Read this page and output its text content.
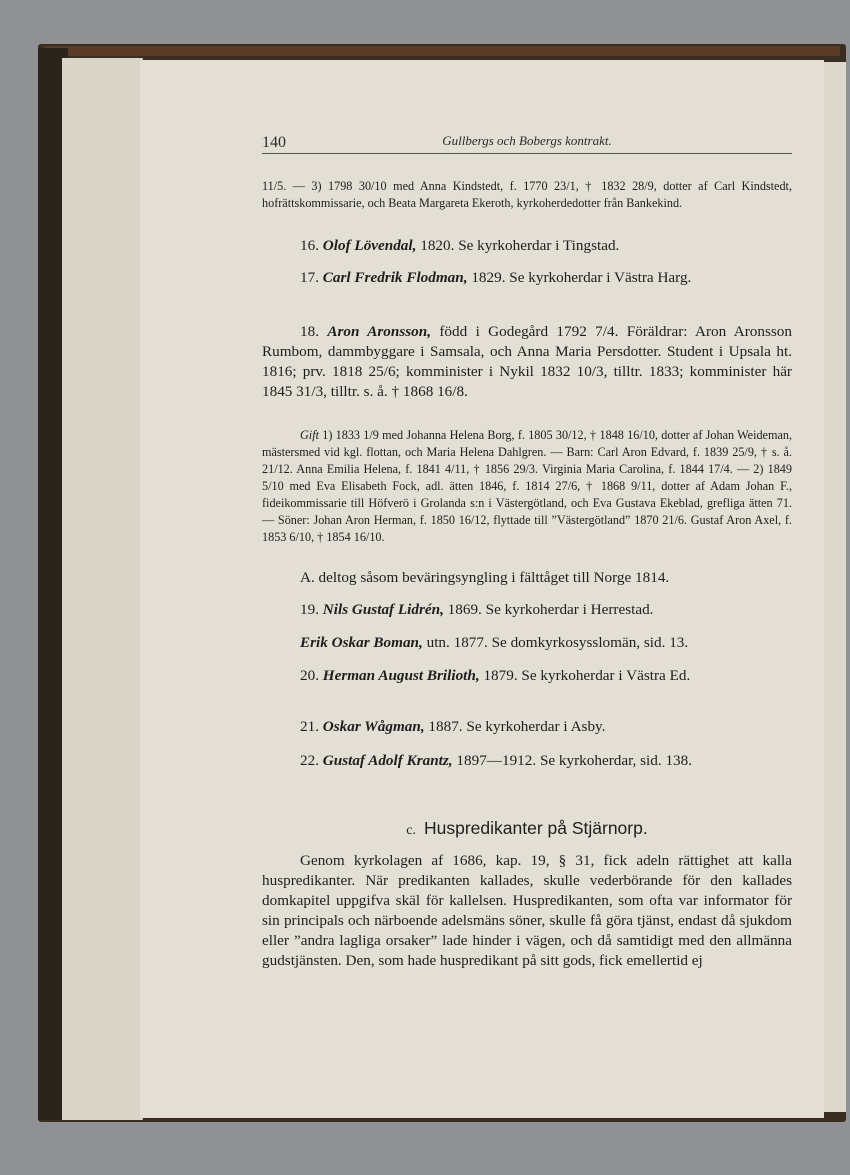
140	Gullbergs och Bobergs kontrakt.

11/5. — 3) 1798 30/10 med Anna Kindstedt, f. 1770 23/1, † 1832 28/9, dotter af Carl Kindstedt, hofrättskommissarie, och Beata Margareta Ekeroth, kyrkoherdedotter från Bankekind.

16. Olof Lövendal, 1820. Se kyrkoherdar i Tingstad.

17. Carl Fredrik Flodman, 1829. Se kyrkoherdar i Västra Harg.

18. Aron Aronsson, född i Godegård 1792 7/4. Föräldrar: Aron Aronsson Rumbom, dammbyggare i Samsala, och Anna Maria Persdotter. Student i Upsala ht. 1816; prv. 1818 25/6; komminister i Nykil 1832 10/3, tilltr. 1833; komminister här 1845 31/3, tilltr. s. å. † 1868 16/8.

Gift 1) 1833 1/9 med Johanna Helena Borg, f. 1805 30/12, † 1848 16/10, dotter af Johan Weideman, mästersmed vid kgl. flottan, och Maria Helena Dahlgren. — Barn: Carl Aron Edvard, f. 1839 25/9, † s. å. 21/12. Anna Emilia Helena, f. 1841 4/11, † 1856 29/3. Virginia Maria Carolina, f. 1844 17/4. — 2) 1849 5/10 med Eva Elisabeth Fock, adl. ätten 1846, f. 1814 27/6, † 1868 9/11, dotter af Adam Johan F., fideikommissarie till Höfverö i Grolanda s:n i Västergötland, och Eva Gustava Ekeblad, grefliga ätten 71. — Söner: Johan Aron Herman, f. 1850 16/12, flyttade till ”Västergötland” 1870 21/6. Gustaf Aron Axel, f. 1853 6/10, † 1854 16/10.

A. deltog såsom beväringsyngling i fälttåget till Norge 1814.

19. Nils Gustaf Lidrén, 1869. Se kyrkoherdar i Herrestad.

Erik Oskar Boman, utn. 1877. Se domkyrkosysslomän, sid. 13.

20. Herman August Brilioth, 1879. Se kyrkoherdar i Västra Ed.

21. Oskar Wågman, 1887. Se kyrkoherdar i Asby.

22. Gustaf Adolf Krantz, 1897—1912. Se kyrkoherdar, sid. 138.

c. Huspredikanter på Stjärnorp.

Genom kyrkolagen af 1686, kap. 19, § 31, fick adeln rättighet att kalla huspredikanter. När predikanten kallades, skulle vederbörande för den kallades domkapitel uppgifva skäl för kallelsen. Huspredikanten, som ofta var informator för sin principals och närboende adelsmäns söner, skulle få göra tjänst, endast då sjukdom eller ”andra lagliga orsaker” lade hinder i vägen, och då samtidigt med den allmänna gudstjänsten. Den, som hade huspredikant på sitt gods, fick emellertid ej
